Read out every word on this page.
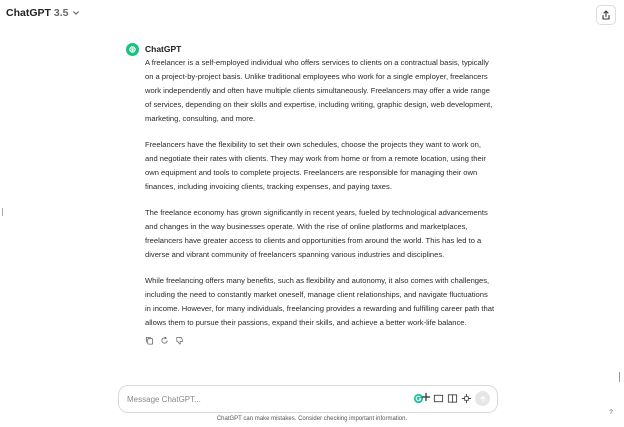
ChatGPT 3.5
ChatGPT

A freelancer is a self-employed individual who offers services to clients on a contractual basis, typically on a project-by-project basis. Unlike traditional employees who work for a single employer, freelancers work independently and often have multiple clients simultaneously. Freelancers may offer a wide range of services, depending on their skills and expertise, including writing, graphic design, web development, marketing, consulting, and more.

Freelancers have the flexibility to set their own schedules, choose the projects they want to work on, and negotiate their rates with clients. They may work from home or from a remote location, using their own equipment and tools to complete projects. Freelancers are responsible for managing their own finances, including invoicing clients, tracking expenses, and paying taxes.

The freelance economy has grown significantly in recent years, fueled by technological advancements and changes in the way businesses operate. With the rise of online platforms and marketplaces, freelancers have greater access to clients and opportunities from around the world. This has led to a diverse and vibrant community of freelancers spanning various industries and disciplines.

While freelancing offers many benefits, such as flexibility and autonomy, it also comes with challenges, including the need to constantly market oneself, manage client relationships, and navigate fluctuations in income. However, for many individuals, freelancing provides a rewarding and fulfilling career path that allows them to pursue their passions, expand their skills, and achieve a better work-life balance.

Message ChatGPT...
ChatGPT can make mistakes. Consider checking important information.
?
